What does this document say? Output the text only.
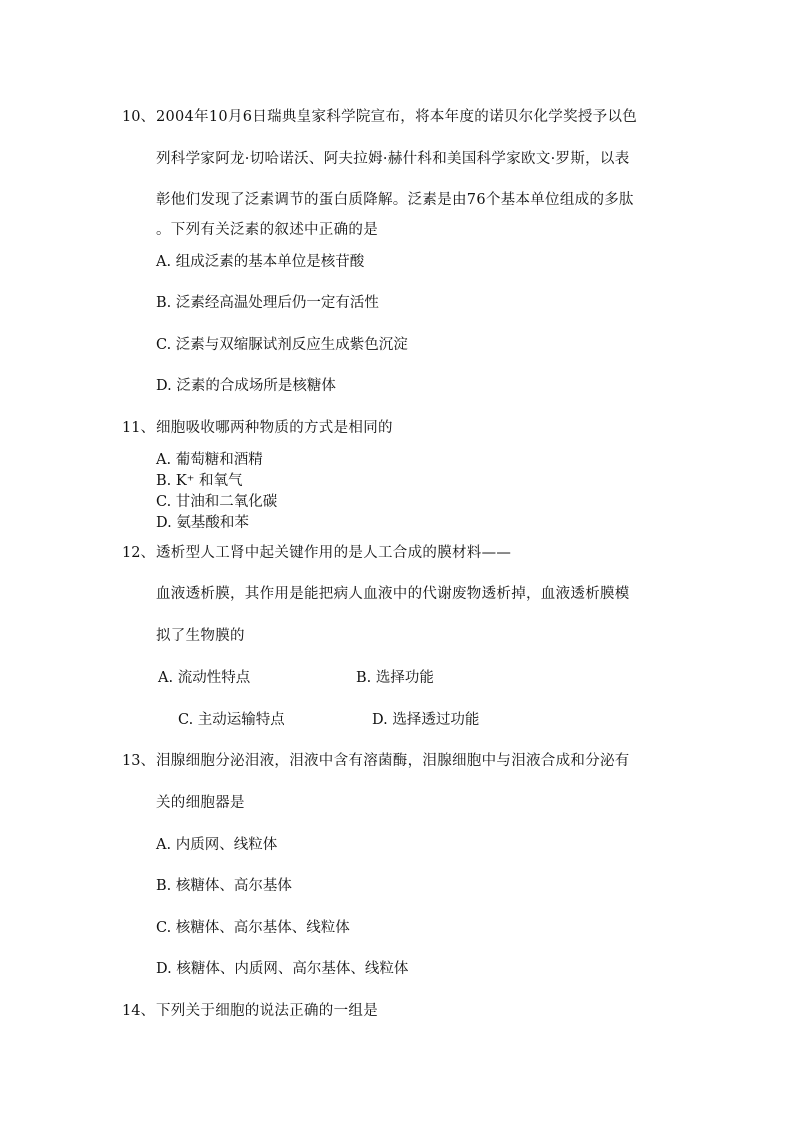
10、 2004年10月6日瑞典皇家科学院宣布，将本年度的诺贝尔化学奖授予以色
列科学家阿龙·切哈诺沃、阿夫拉姆·赫什科和美国科学家欧文·罗斯，以表
彰他们发现了泛素调节的蛋白质降解。泛素是由76个基本单位组成的多肽
。下列有关泛素的叙述中正确的是
A. 组成泛素的基本单位是核苷酸
B. 泛素经高温处理后仍一定有活性
C. 泛素与双缩脲试剂反应生成紫色沉淀
D. 泛素的合成场所是核糖体
11、 细胞吸收哪两种物质的方式是相同的
A. 葡萄糖和酒精
B. K⁺ 和氧气
C. 甘油和二氧化碳
D. 氨基酸和苯
12、 透析型人工肾中起关键作用的是人工合成的膜材料——
血液透析膜，其作用是能把病人血液中的代谢废物透析掉，血液透析膜模
拟了生物膜的
A. 流动性特点	B. 选择功能
C. 主动运输特点	D. 选择透过功能
13、 泪腺细胞分泌泪液，泪液中含有溶菌酶，泪腺细胞中与泪液合成和分泌有
关的细胞器是
A. 内质网、线粒体
B. 核糖体、高尔基体
C. 核糖体、高尔基体、线粒体
D. 核糖体、内质网、高尔基体、线粒体
14、 下列关于细胞的说法正确的一组是
